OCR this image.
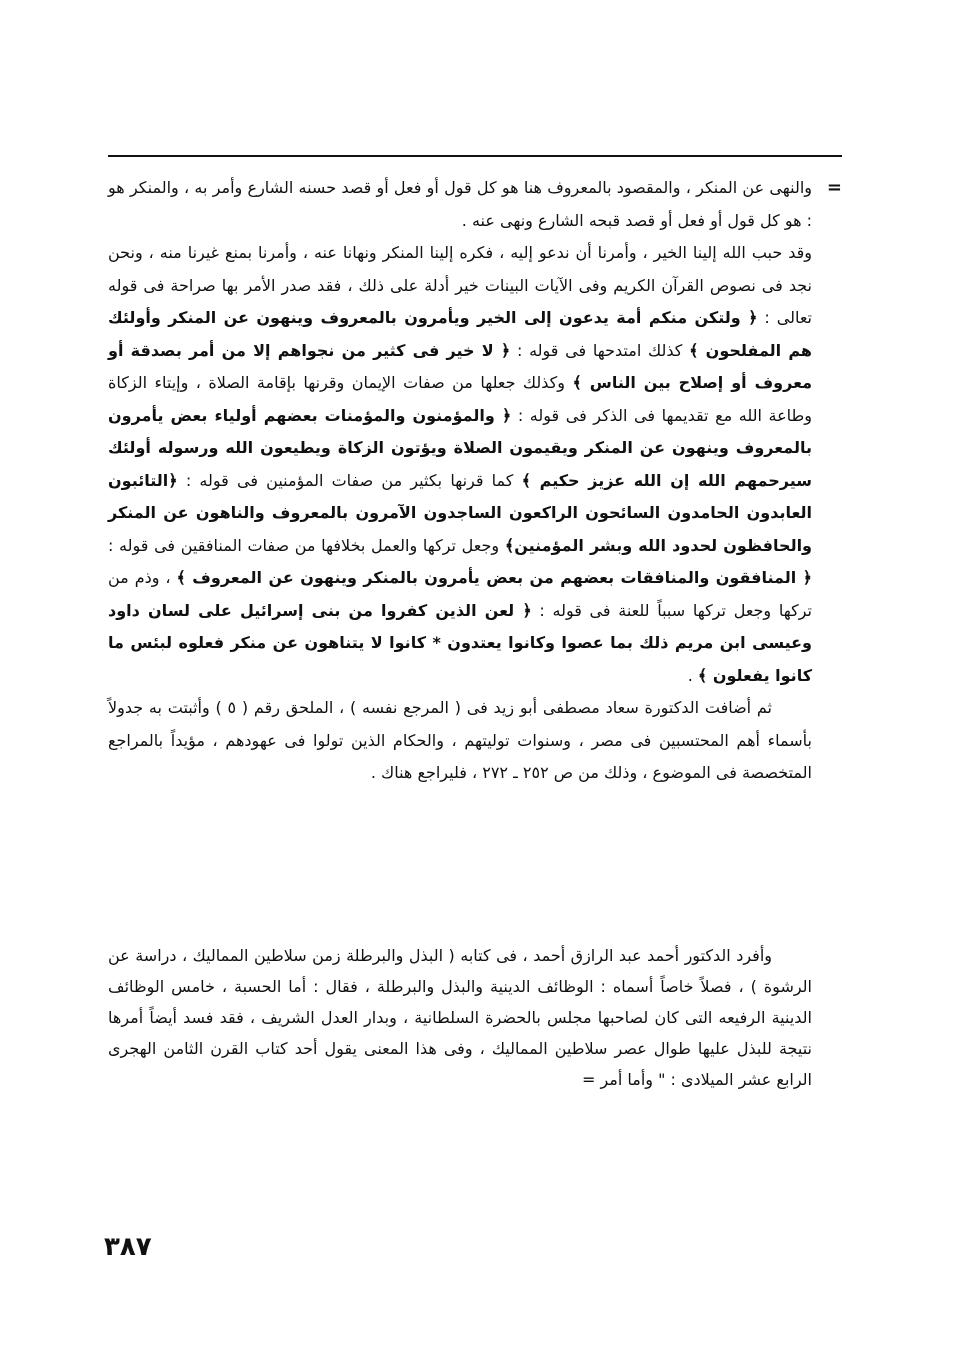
=

والنهى عن المنكر ، والمقصود بالمعروف هنا هو كل قول أو فعل أو قصد حسنه الشارع وأمر به ، والمنكر هو : هو كل قول أو فعل أو قصد قبحه الشارع ونهى عنه .

وقد حبب الله إلينا الخير ، وأمرنا أن ندعو إليه ، فكره إلينا المنكر ونهانا عنه ، وأمرنا بمنع غيرنا منه ، ونحن نجد فى نصوص القرآن الكريم وفى الآيات البينات خير أدلة على ذلك ، فقد صدر الأمر بها صراحة فى قوله تعالى : ﴿ ولتكن منكم أمة يدعون إلى الخير ويأمرون بالمعروف وينهون عن المنكر وأولئك هم المفلحون ﴾ كذلك امتدحها فى قوله : ﴿ لا خير فى كثير من نجواهم إلا من أمر بصدقة أو معروف أو إصلاح بين الناس ﴾ وكذلك جعلها من صفات الإيمان وقرنها بإقامة الصلاة ، وإيتاء الزكاة وطاعة الله مع تقديمها فى الذكر فى قوله : ﴿ والمؤمنون والمؤمنات بعضهم أولياء بعض يأمرون بالمعروف وينهون عن المنكر ويقيمون الصلاة ويؤتون الزكاة ويطيعون الله ورسوله أولئك سيرحمهم الله إن الله عزيز حكيم ﴾ كما قرنها بكثير من صفات المؤمنين فى قوله : ﴿التائبون العابدون الحامدون السائحون الراكعون الساجدون الآمرون بالمعروف والناهون عن المنكر والحافظون لحدود الله وبشر المؤمنين﴾ وجعل تركها والعمل بخلافها من صفات المنافقين فى قوله : ﴿ المنافقون والمنافقات بعضهم من بعض يأمرون بالمنكر وينهون عن المعروف ﴾ ، وذم من تركها وجعل تركها سبباً للعنة فى قوله : ﴿ لعن الذين كفروا من بنى إسرائيل على لسان داود وعيسى ابن مريم ذلك بما عصوا وكانوا يعتدون * كانوا لا يتناهون عن منكر فعلوه لبئس ما كانوا يفعلون ﴾ .

ثم أضافت الدكتورة سعاد مصطفى أبو زيد فى ( المرجع نفسه ) ، الملحق رقم ( ٥ ) وأثبتت به جدولاً بأسماء أهم المحتسبين فى مصر ، وسنوات توليتهم ، والحكام الذين تولوا فى عهودهم ، مؤيداً بالمراجع المتخصصة فى الموضوع ، وذلك من ص ٢٥٢ ـ ٢٧٢ ، فليراجع هناك .

وأفرد الدكتور أحمد عبد الرازق أحمد ، فى كتابه ( البذل والبرطلة زمن سلاطين المماليك ، دراسة عن الرشوة ) ، فصلاً خاصاً أسماه : الوظائف الدينية والبذل والبرطلة ، فقال : أما الحسبة ، خامس الوظائف الدينية الرفيعه التى كان لصاحبها مجلس بالحضرة السلطانية ، وبدار العدل الشريف ، فقد فسد أيضاً أمرها نتيجة للبذل عليها طوال عصر سلاطين المماليك ، وفى هذا المعنى يقول أحد كتاب القرن الثامن الهجرى الرابع عشر الميلادى : " وأما أمر =

٣٨٧
